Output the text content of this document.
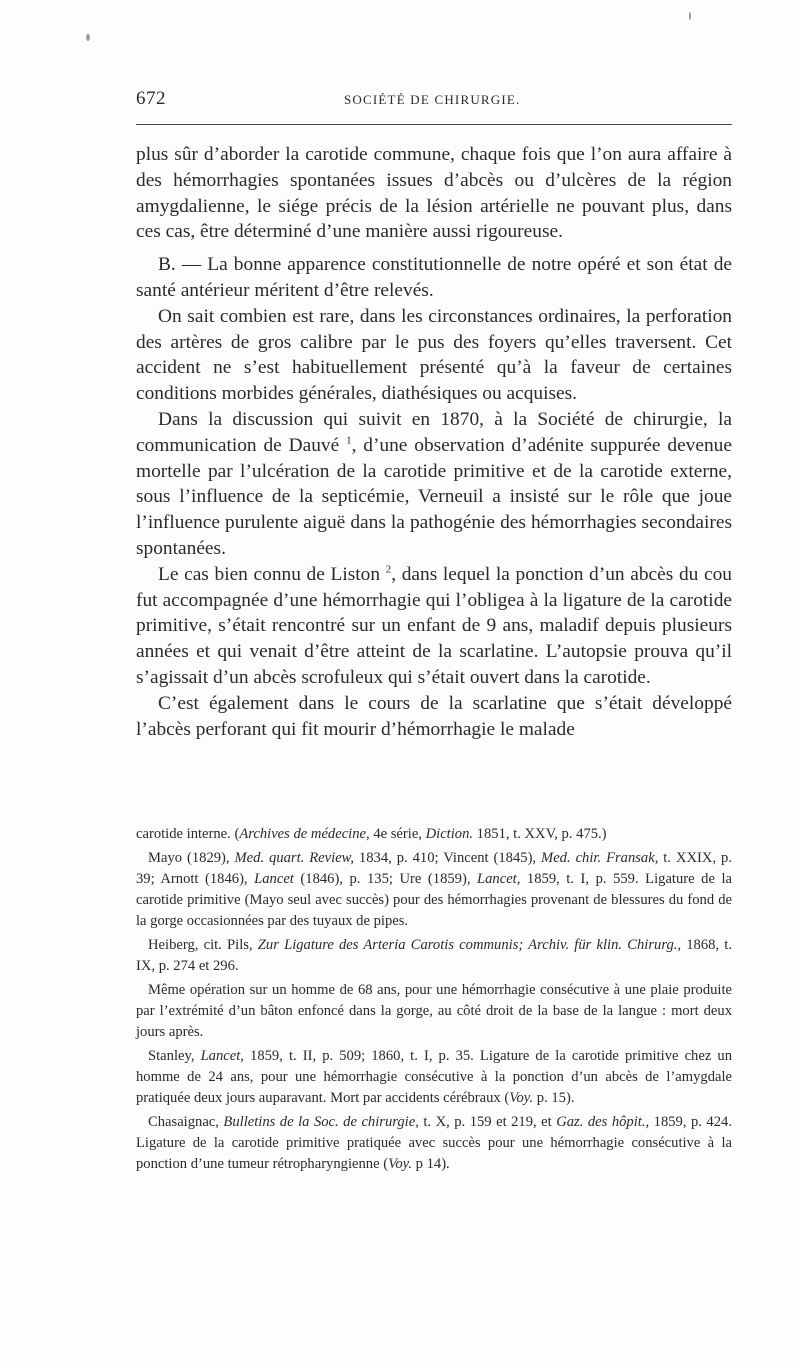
672	SOCIÉTÉ DE CHIRURGIE.

plus sûr d’aborder la carotide commune, chaque fois que l’on aura affaire à des hémorrhagies spontanées issues d’abcès ou d’ulcères de la région amygdalienne, le siége précis de la lésion artérielle ne pouvant plus, dans ces cas, être déterminé d’une manière aussi rigoureuse.

B. — La bonne apparence constitutionnelle de notre opéré et son état de santé antérieur méritent d’être relevés.

On sait combien est rare, dans les circonstances ordinaires, la perforation des artères de gros calibre par le pus des foyers qu’elles traversent. Cet accident ne s’est habituellement présenté qu’à la faveur de certaines conditions morbides générales, diathésiques ou acquises.

Dans la discussion qui suivit en 1870, à la Société de chirurgie, la communication de Dauvé $^1$, d’une observation d’adénite suppurée devenue mortelle par l’ulcération de la carotide primitive et de la carotide externe, sous l’influence de la septicémie, Verneuil a insisté sur le rôle que joue l’influence purulente aiguë dans la pathogénie des hémorrhagies secondaires spontanées.

Le cas bien connu de Liston $^2$, dans lequel la ponction d’un abcès du cou fut accompagnée d’une hémorrhagie qui l’obligea à la ligature de la carotide primitive, s’était rencontré sur un enfant de 9 ans, maladif depuis plusieurs années et qui venait d’être atteint de la scarlatine. L’autopsie prouva qu’il s’agissait d’un abcès scrofuleux qui s’était ouvert dans la carotide.

C’est également dans le cours de la scarlatine que s’était développé l’abcès perforant qui fit mourir d’hémorrhagie le malade

carotide interne. (Archives de médecine, 4e série, Diction. 1851, t. XXV, p. 475.)

Mayo (1829), Med. quart. Review, 1834, p. 410; Vincent (1845), Med. chir. Fransak, t. XXIX, p. 39; Arnott (1846), Lancet (1846), p. 135; Ure (1859), Lancet, 1859, t. I, p. 559. Ligature de la carotide primitive (Mayo seul avec succès) pour des hémorrhagies provenant de blessures du fond de la gorge occasionnées par des tuyaux de pipes.

Heiberg, cit. Pils, Zur Ligature des Arteria Carotis communis; Archiv. für klin. Chirurg., 1868, t. IX, p. 274 et 296.

Même opération sur un homme de 68 ans, pour une hémorrhagie consécutive à une plaie produite par l’extrémité d’un bâton enfoncé dans la gorge, au côté droit de la base de la langue : mort deux jours après.

Stanley, Lancet, 1859, t. II, p. 509; 1860, t. I, p. 35. Ligature de la carotide primitive chez un homme de 24 ans, pour une hémorrhagie consécutive à la ponction d’un abcès de l’amygdale pratiquée deux jours auparavant. Mort par accidents cérébraux (Voy. p. 15).

Chasaignac, Bulletins de la Soc. de chirurgie, t. X, p. 159 et 219, et Gaz. des hôpit., 1859, p. 424. Ligature de la carotide primitive pratiquée avec succès pour une hémorrhagie consécutive à la ponction d’une tumeur rétropharyngienne (Voy. p 14).
